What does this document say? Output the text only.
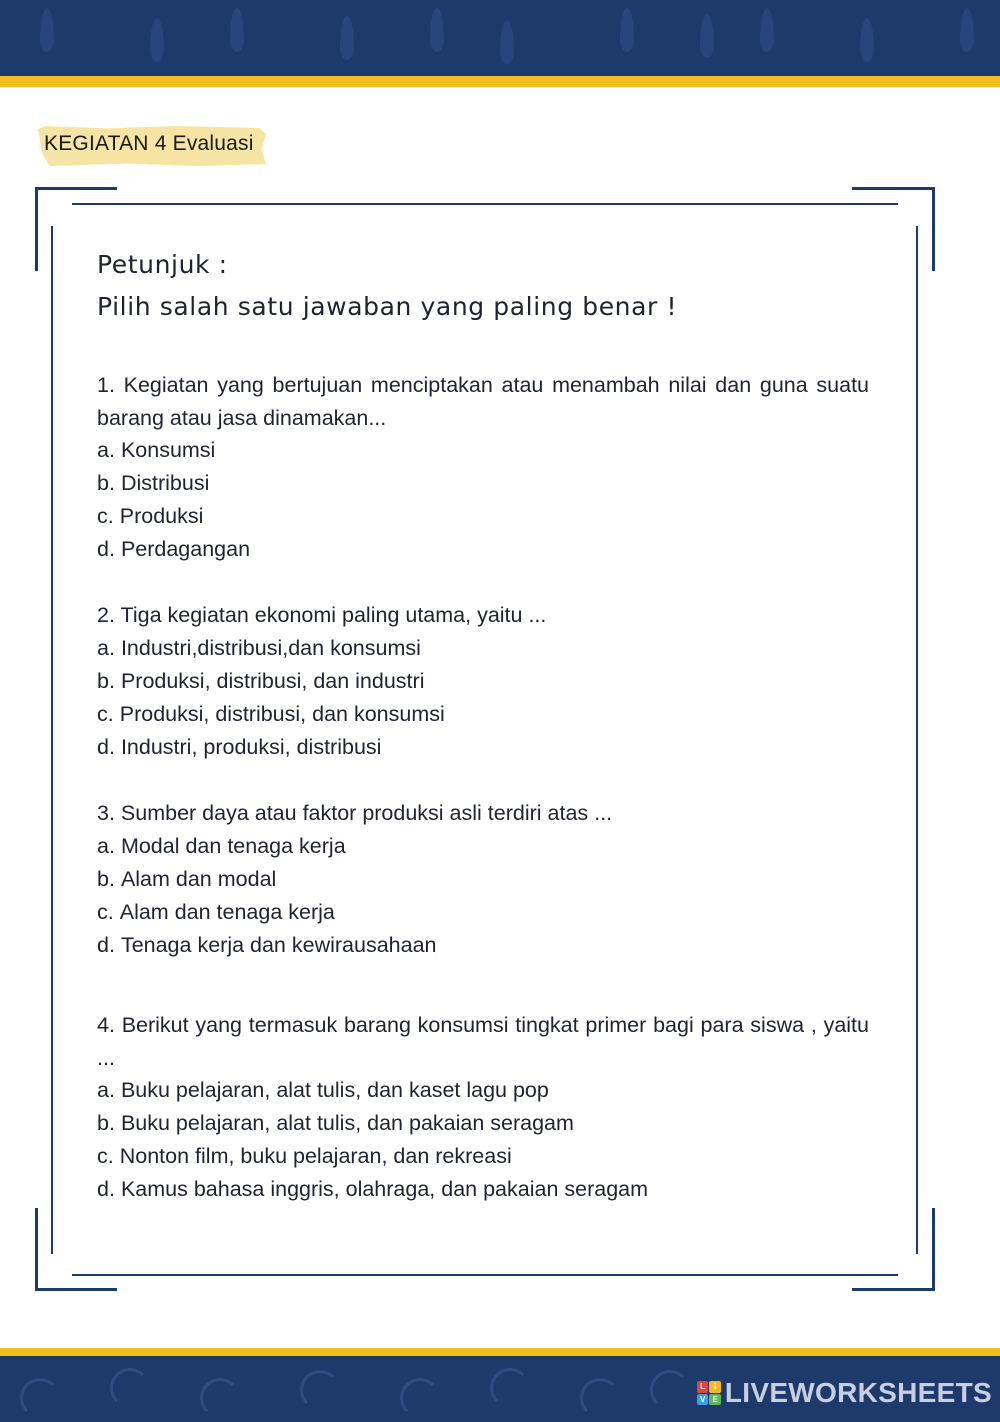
KEGIATAN 4 Evaluasi
Petunjuk :
Pilih salah satu jawaban yang paling benar !
1. Kegiatan yang bertujuan menciptakan atau menambah nilai dan guna suatu barang atau jasa dinamakan...
a. Konsumsi
b. Distribusi
c. Produksi
d. Perdagangan
2. Tiga kegiatan ekonomi paling utama, yaitu ...
a. Industri,distribusi,dan konsumsi
b. Produksi, distribusi, dan industri
c. Produksi, distribusi, dan konsumsi
d. Industri, produksi, distribusi
3. Sumber daya atau faktor produksi asli terdiri atas ...
a. Modal dan tenaga kerja
b. Alam dan modal
c. Alam dan tenaga kerja
d. Tenaga kerja dan kewirausahaan
4. Berikut yang termasuk barang konsumsi tingkat primer bagi para siswa , yaitu ...
a. Buku pelajaran, alat tulis, dan kaset lagu pop
b. Buku pelajaran, alat tulis, dan pakaian seragam
c. Nonton film, buku pelajaran, dan rekreasi
d. Kamus bahasa inggris, olahraga, dan pakaian seragam
L	I
V E LIVEWORKSHEETS
